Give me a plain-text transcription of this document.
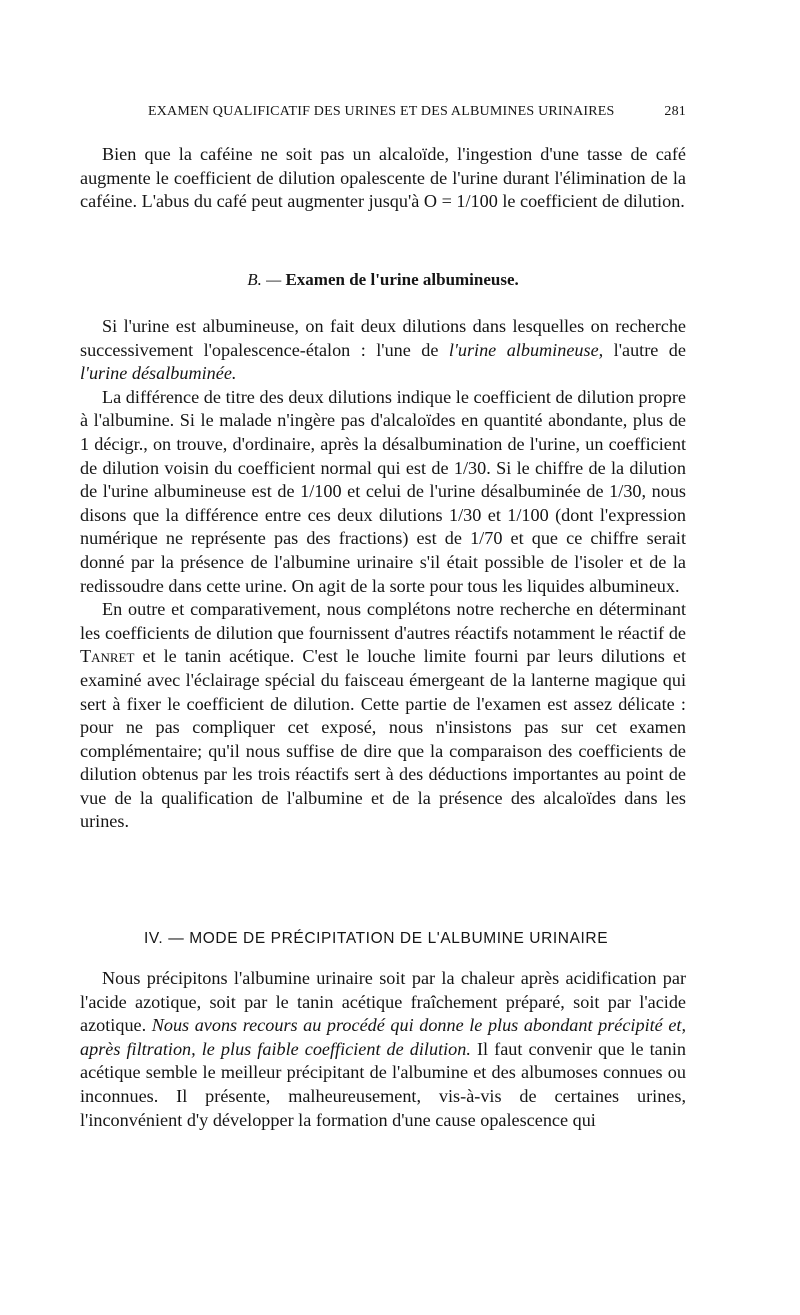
EXAMEN QUALIFICATIF DES URINES ET DES ALBUMINES URINAIRES	281

Bien que la caféine ne soit pas un alcaloïde, l'ingestion d'une tasse de café augmente le coefficient de dilution opalescente de l'urine durant l'élimination de la caféine. L'abus du café peut augmenter jusqu'à O = 1/100 le coefficient de dilution.

B. — Examen de l'urine albumineuse.

Si l'urine est albumineuse, on fait deux dilutions dans lesquelles on recherche successivement l'opalescence-étalon : l'une de l'urine albumineuse, l'autre de l'urine désalbuminée.

La différence de titre des deux dilutions indique le coefficient de dilution propre à l'albumine. Si le malade n'ingère pas d'alcaloïdes en quantité abondante, plus de 1 décigr., on trouve, d'ordinaire, après la désalbumination de l'urine, un coefficient de dilution voisin du coefficient normal qui est de 1/30. Si le chiffre de la dilution de l'urine albumineuse est de 1/100 et celui de l'urine désalbuminée de 1/30, nous disons que la différence entre ces deux dilutions 1/30 et 1/100 (dont l'expression numérique ne représente pas des fractions) est de 1/70 et que ce chiffre serait donné par la présence de l'albumine urinaire s'il était possible de l'isoler et de la redissoudre dans cette urine. On agit de la sorte pour tous les liquides albumineux.

En outre et comparativement, nous complétons notre recherche en déterminant les coefficients de dilution que fournissent d'autres réactifs notamment le réactif de Tanret et le tanin acétique. C'est le louche limite fourni par leurs dilutions et examiné avec l'éclairage spécial du faisceau émergeant de la lanterne magique qui sert à fixer le coefficient de dilution. Cette partie de l'examen est assez délicate : pour ne pas compliquer cet exposé, nous n'insistons pas sur cet examen complémentaire; qu'il nous suffise de dire que la comparaison des coefficients de dilution obtenus par les trois réactifs sert à des déductions importantes au point de vue de la qualification de l'albumine et de la présence des alcaloïdes dans les urines.

IV. — MODE DE PRÉCIPITATION DE L'ALBUMINE URINAIRE

Nous précipitons l'albumine urinaire soit par la chaleur après acidification par l'acide azotique, soit par le tanin acétique fraîchement préparé, soit par l'acide azotique. Nous avons recours au procédé qui donne le plus abondant précipité et, après filtration, le plus faible coefficient de dilution. Il faut convenir que le tanin acétique semble le meilleur précipitant de l'albumine et des albumoses connues ou inconnues. Il présente, malheureusement, vis-à-vis de certaines urines, l'inconvénient d'y développer la formation d'une cause opalescence qui
